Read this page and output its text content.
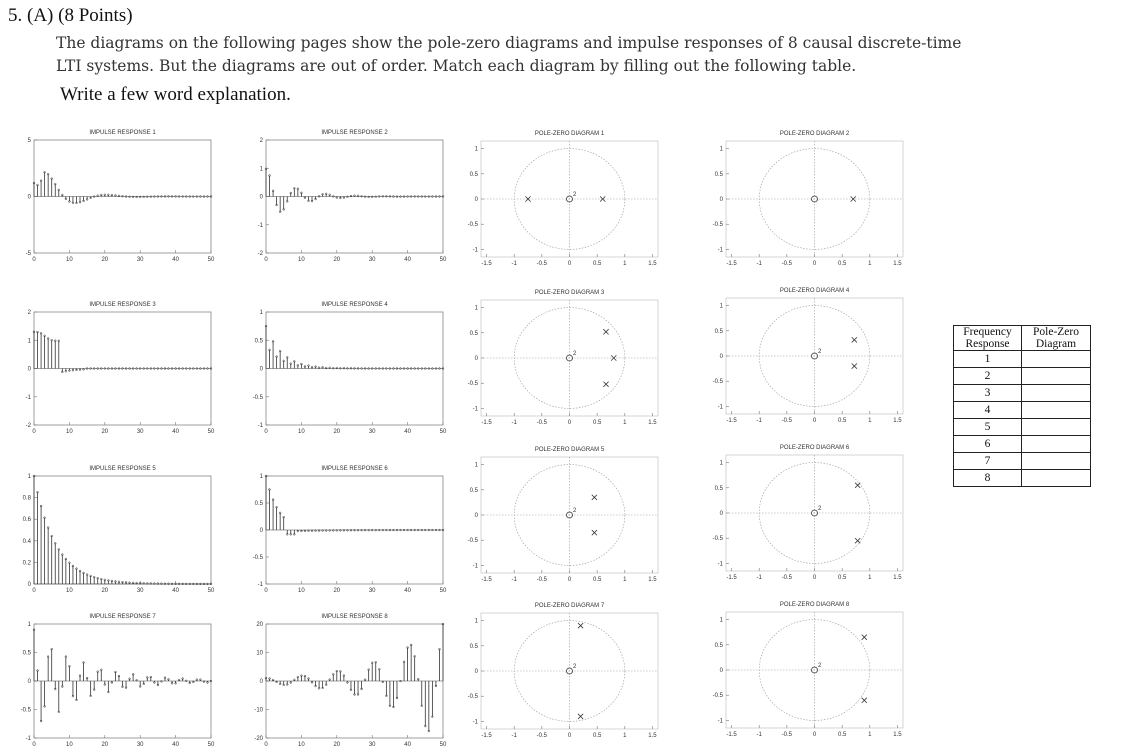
5. (A) (8 Points)
The diagrams on the following pages show the pole-zero diagrams and impulse responses of 8 causal discrete-time
LTI systems. But the diagrams are out of order. Match each diagram by filling out the following table.
Write a few word explanation.
IMPULSE RESPONSE 1
5
0
-5
0	10	20	30	40	50
IMPULSE RESPONSE 2
2
1
0
-1
-2
0	10	20	30	40	50
IMPULSE RESPONSE 3
2
1
0
-1
-2
0	10	20	30	40	50
IMPULSE RESPONSE 4
1
0.5
0
-0.5
-1
0	10	20	30	40	50
IMPULSE RESPONSE 5
1
0.8
0.6
0.4
0.2
0
0	10	20	30	40	50
IMPULSE RESPONSE 6
1
0.5
0
-0.5
-1
0	10	20	30	40	50
IMPULSE RESPONSE 7
1
0.5
0
-0.5
-1
0	10	20	30	40	50
IMPULSE RESPONSE 8
20
10
0
-10
-20
0	10	20	30	40	50
POLE-ZERO DIAGRAM 1
1
0.5
0
-0.5
-1
-1.5	-1	-0.5	0	0.5	1	1.5
2
POLE-ZERO DIAGRAM 2
1
0.5
0
-0.5
-1
-1.5	-1	-0.5	0	0.5	1	1.5
POLE-ZERO DIAGRAM 3
1
0.5
0
-0.5
-1
-1.5	-1	-0.5	0	0.5	1	1.5
2
POLE-ZERO DIAGRAM 4
1
0.5
0
-0.5
-1
-1.5	-1	-0.5	0	0.5	1	1.5
2
POLE-ZERO DIAGRAM 5
1
0.5
0
-0.5
-1
-1.5	-1	-0.5	0	0.5	1	1.5
2
POLE-ZERO DIAGRAM 6
1
0.5
0
-0.5
-1
-1.5	-1	-0.5	0	0.5	1	1.5
2
POLE-ZERO DIAGRAM 7
1
0.5
0
-0.5
-1
-1.5	-1	-0.5	0	0.5	1	1.5
2
POLE-ZERO DIAGRAM 8
1
0.5
0
-0.5
-1
-1.5	-1	-0.5	0	0.5	1	1.5
2
Frequency Response	Pole-Zero Diagram
1	
2	
3	
4	
5	
6	
7	
8	
